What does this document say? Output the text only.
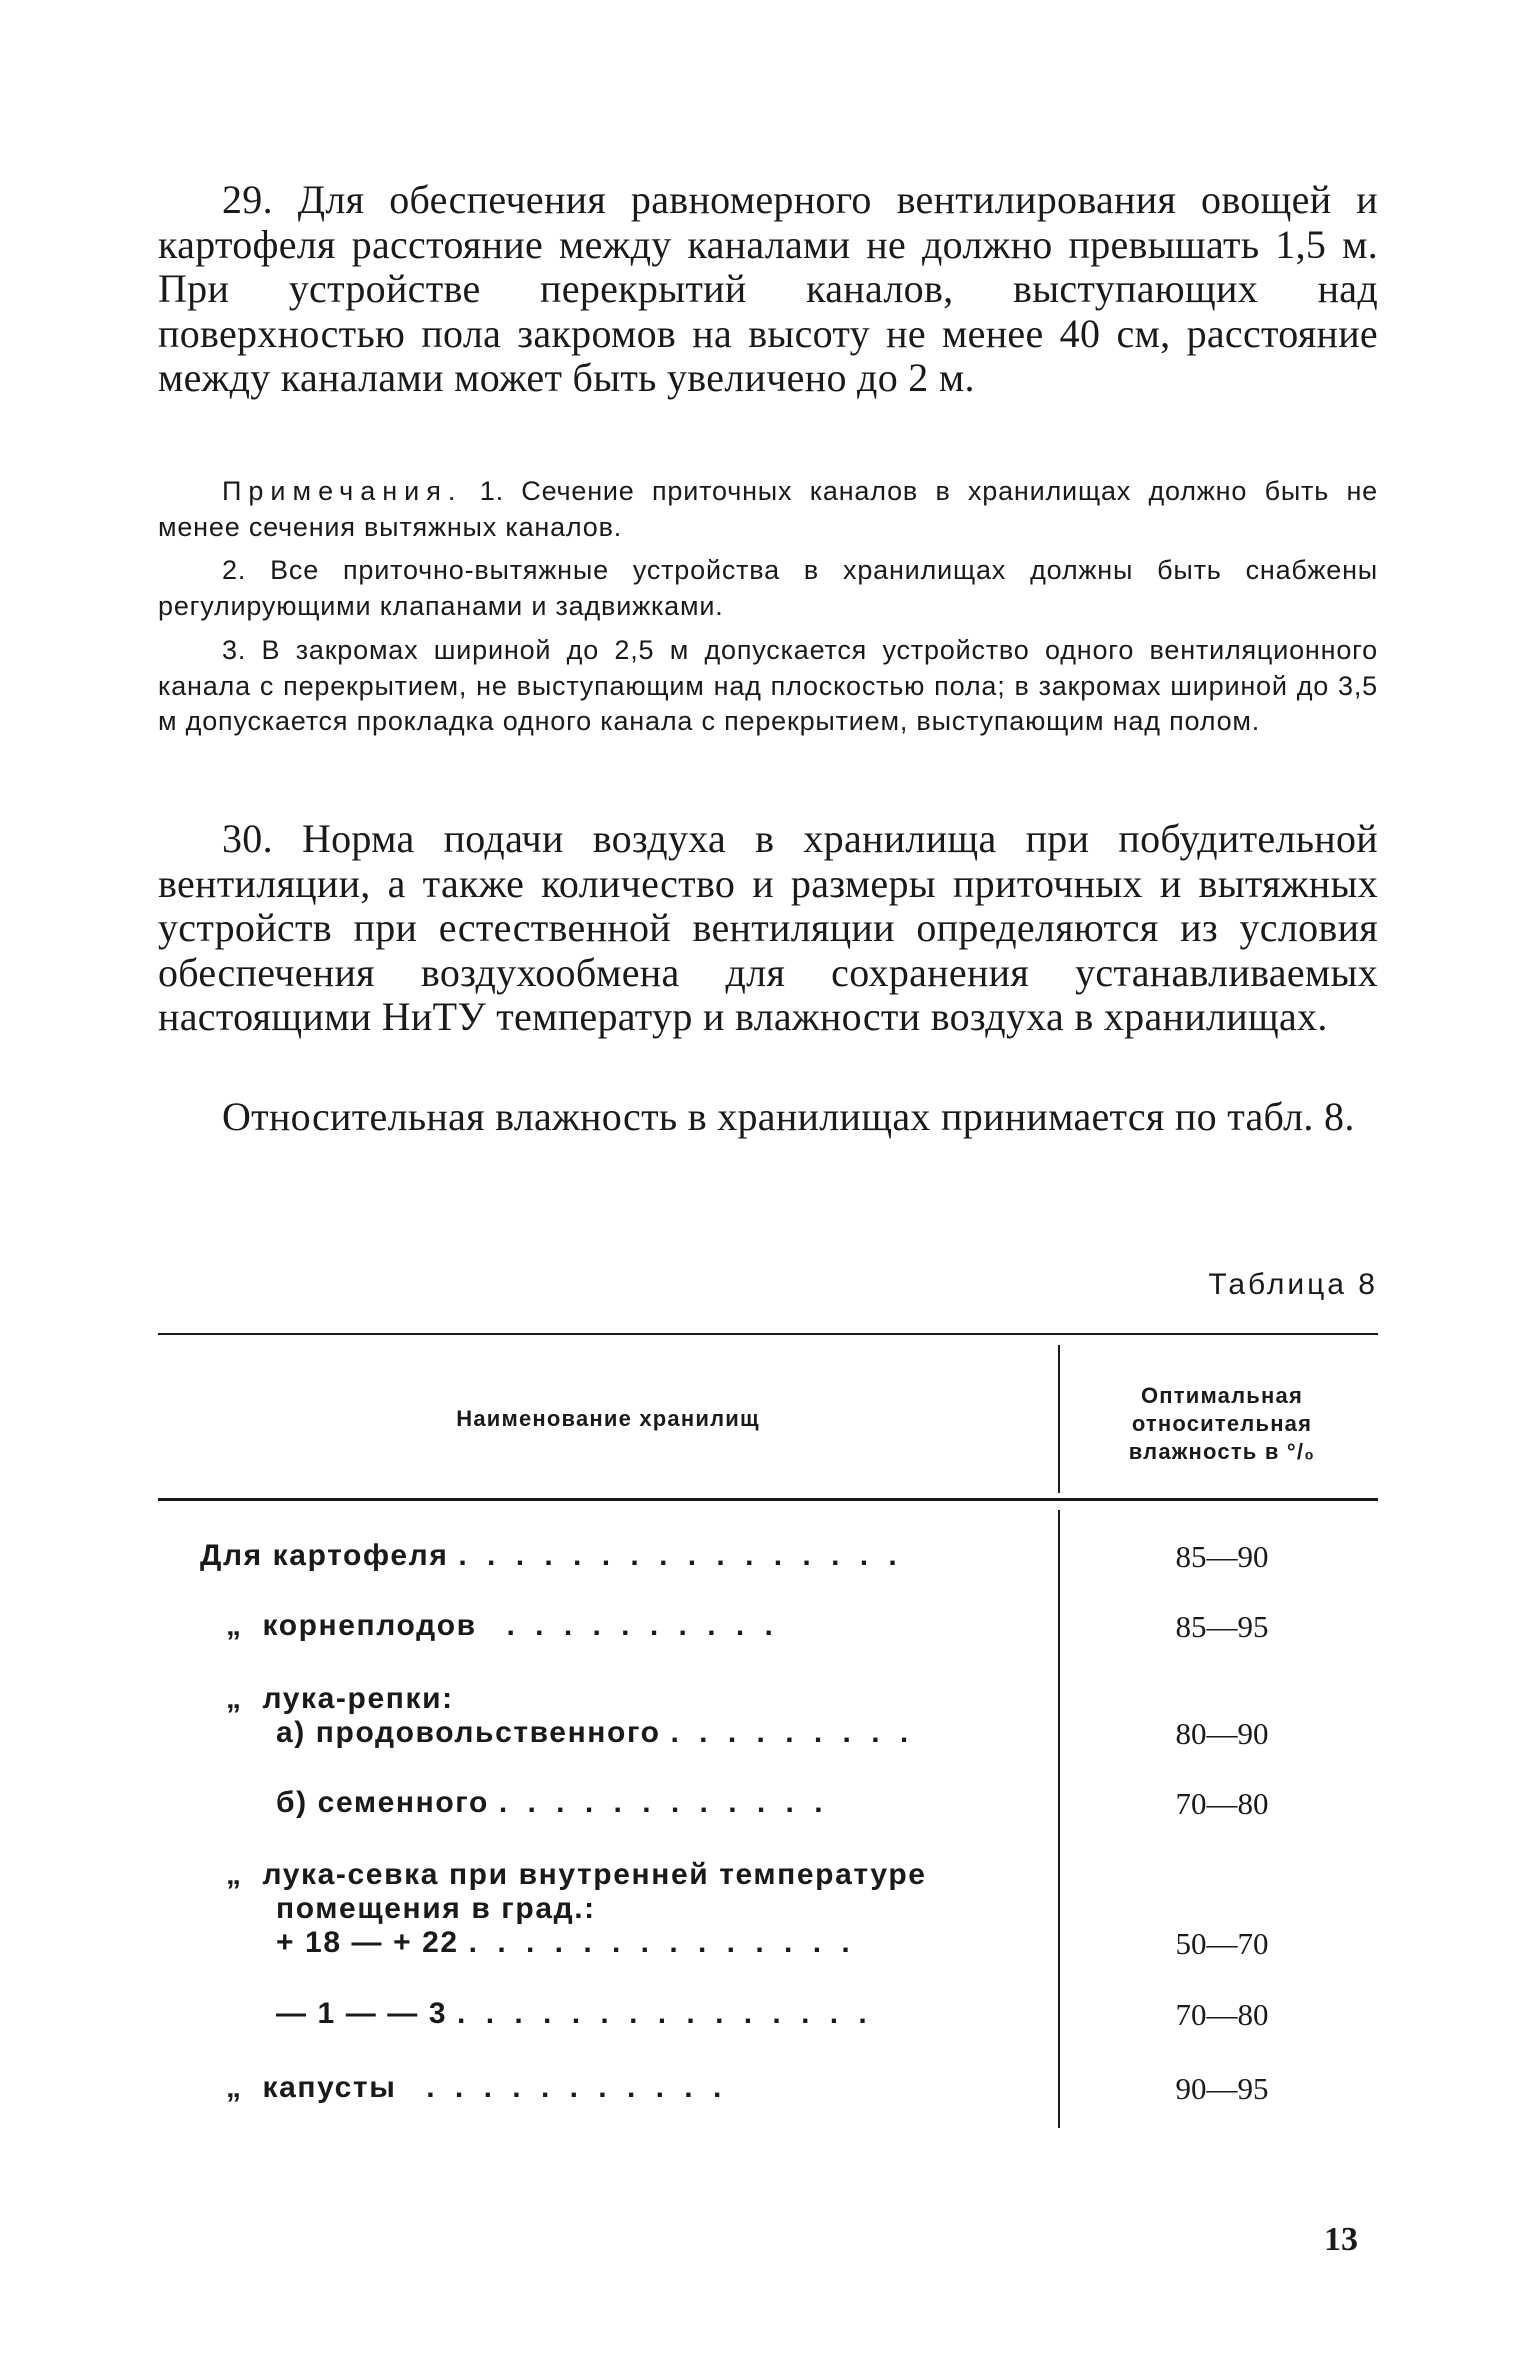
29. Для обеспечения равномерного вентилирования овощей и картофеля расстояние между каналами не должно превышать 1,5 м. При устройстве перекрытий каналов, выступающих над поверхностью пола закромов на высоту не менее 40 см, расстояние между каналами может быть увеличено до 2 м.

Примечания. 1. Сечение приточных каналов в хранилищах должно быть не менее сечения вытяжных каналов.

2. Все приточно-вытяжные устройства в хранилищах должны быть снабжены регулирующими клапанами и задвижками.

3. В закромах шириной до 2,5 м допускается устройство одного вентиляционного канала с перекрытием, не выступающим над плоскостью пола; в закромах шириной до 3,5 м допускается прокладка одного канала с перекрытием, выступающим над полом.

30. Норма подачи воздуха в хранилища при побудительной вентиляции, а также количество и размеры приточных и вытяжных устройств при естественной вентиляции определяются из условия обеспечения воздухообмена для сохранения устанавливаемых настоящими НиТУ температур и влажности воздуха в хранилищах.

Относительная влажность в хранилищах принимается по табл. 8.

Таблица 8

Наименование хранилищ

Оптимальная
относительная
влажность в °/₀

Для картофеля . . . . . . . . . . . . . . . .	85—90

„ корнеплодов . . . . . . . . . .	85—95

„ лука-репки:

а) продовольственного . . . . . . . . .	80—90

б) семенного . . . . . . . . . . . .	70—80

„ лука-севка при внутренней температуре

помещения в град.:

+ 18 — + 22 . . . . . . . . . . . . . .	50—70

— 1 — — 3 . . . . . . . . . . . . . . .	70—80

„ капусты . . . . . . . . . . .	90—95

13
